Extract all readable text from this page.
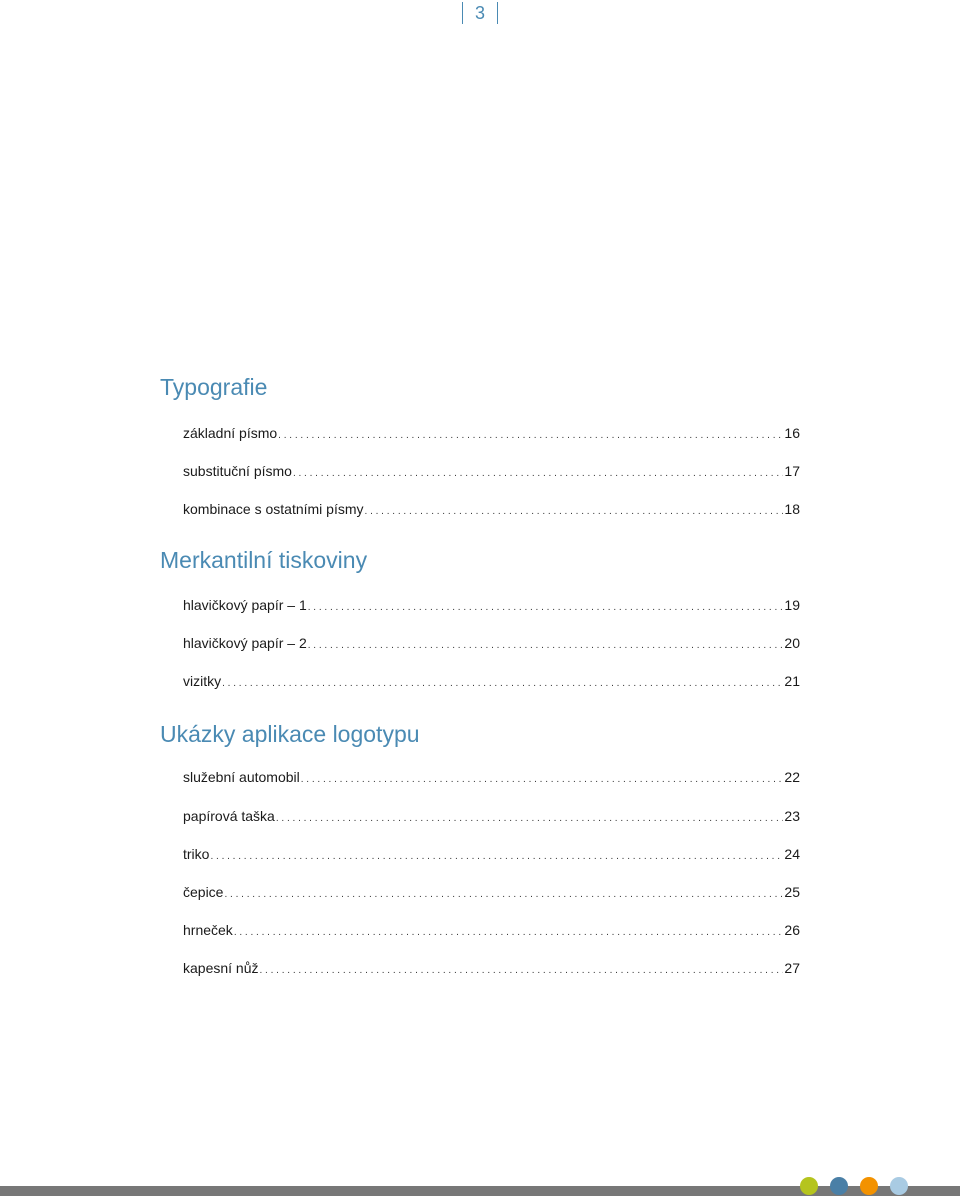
3
Typografie
základní písmo . . .	16
substituční písmo . . .	17
kombinace s ostatními písmy . . .	18
Merkantilní tiskoviny
hlavičkový papír – 1 . . .	19
hlavičkový papír – 2 . . .	20
vizitky . . .	21
Ukázky aplikace logotypu
služební automobil . . .	22
papírová taška . . .	23
triko . . .	24
čepice . . .	25
hrneček . . .	26
kapesní nůž . . .	27
